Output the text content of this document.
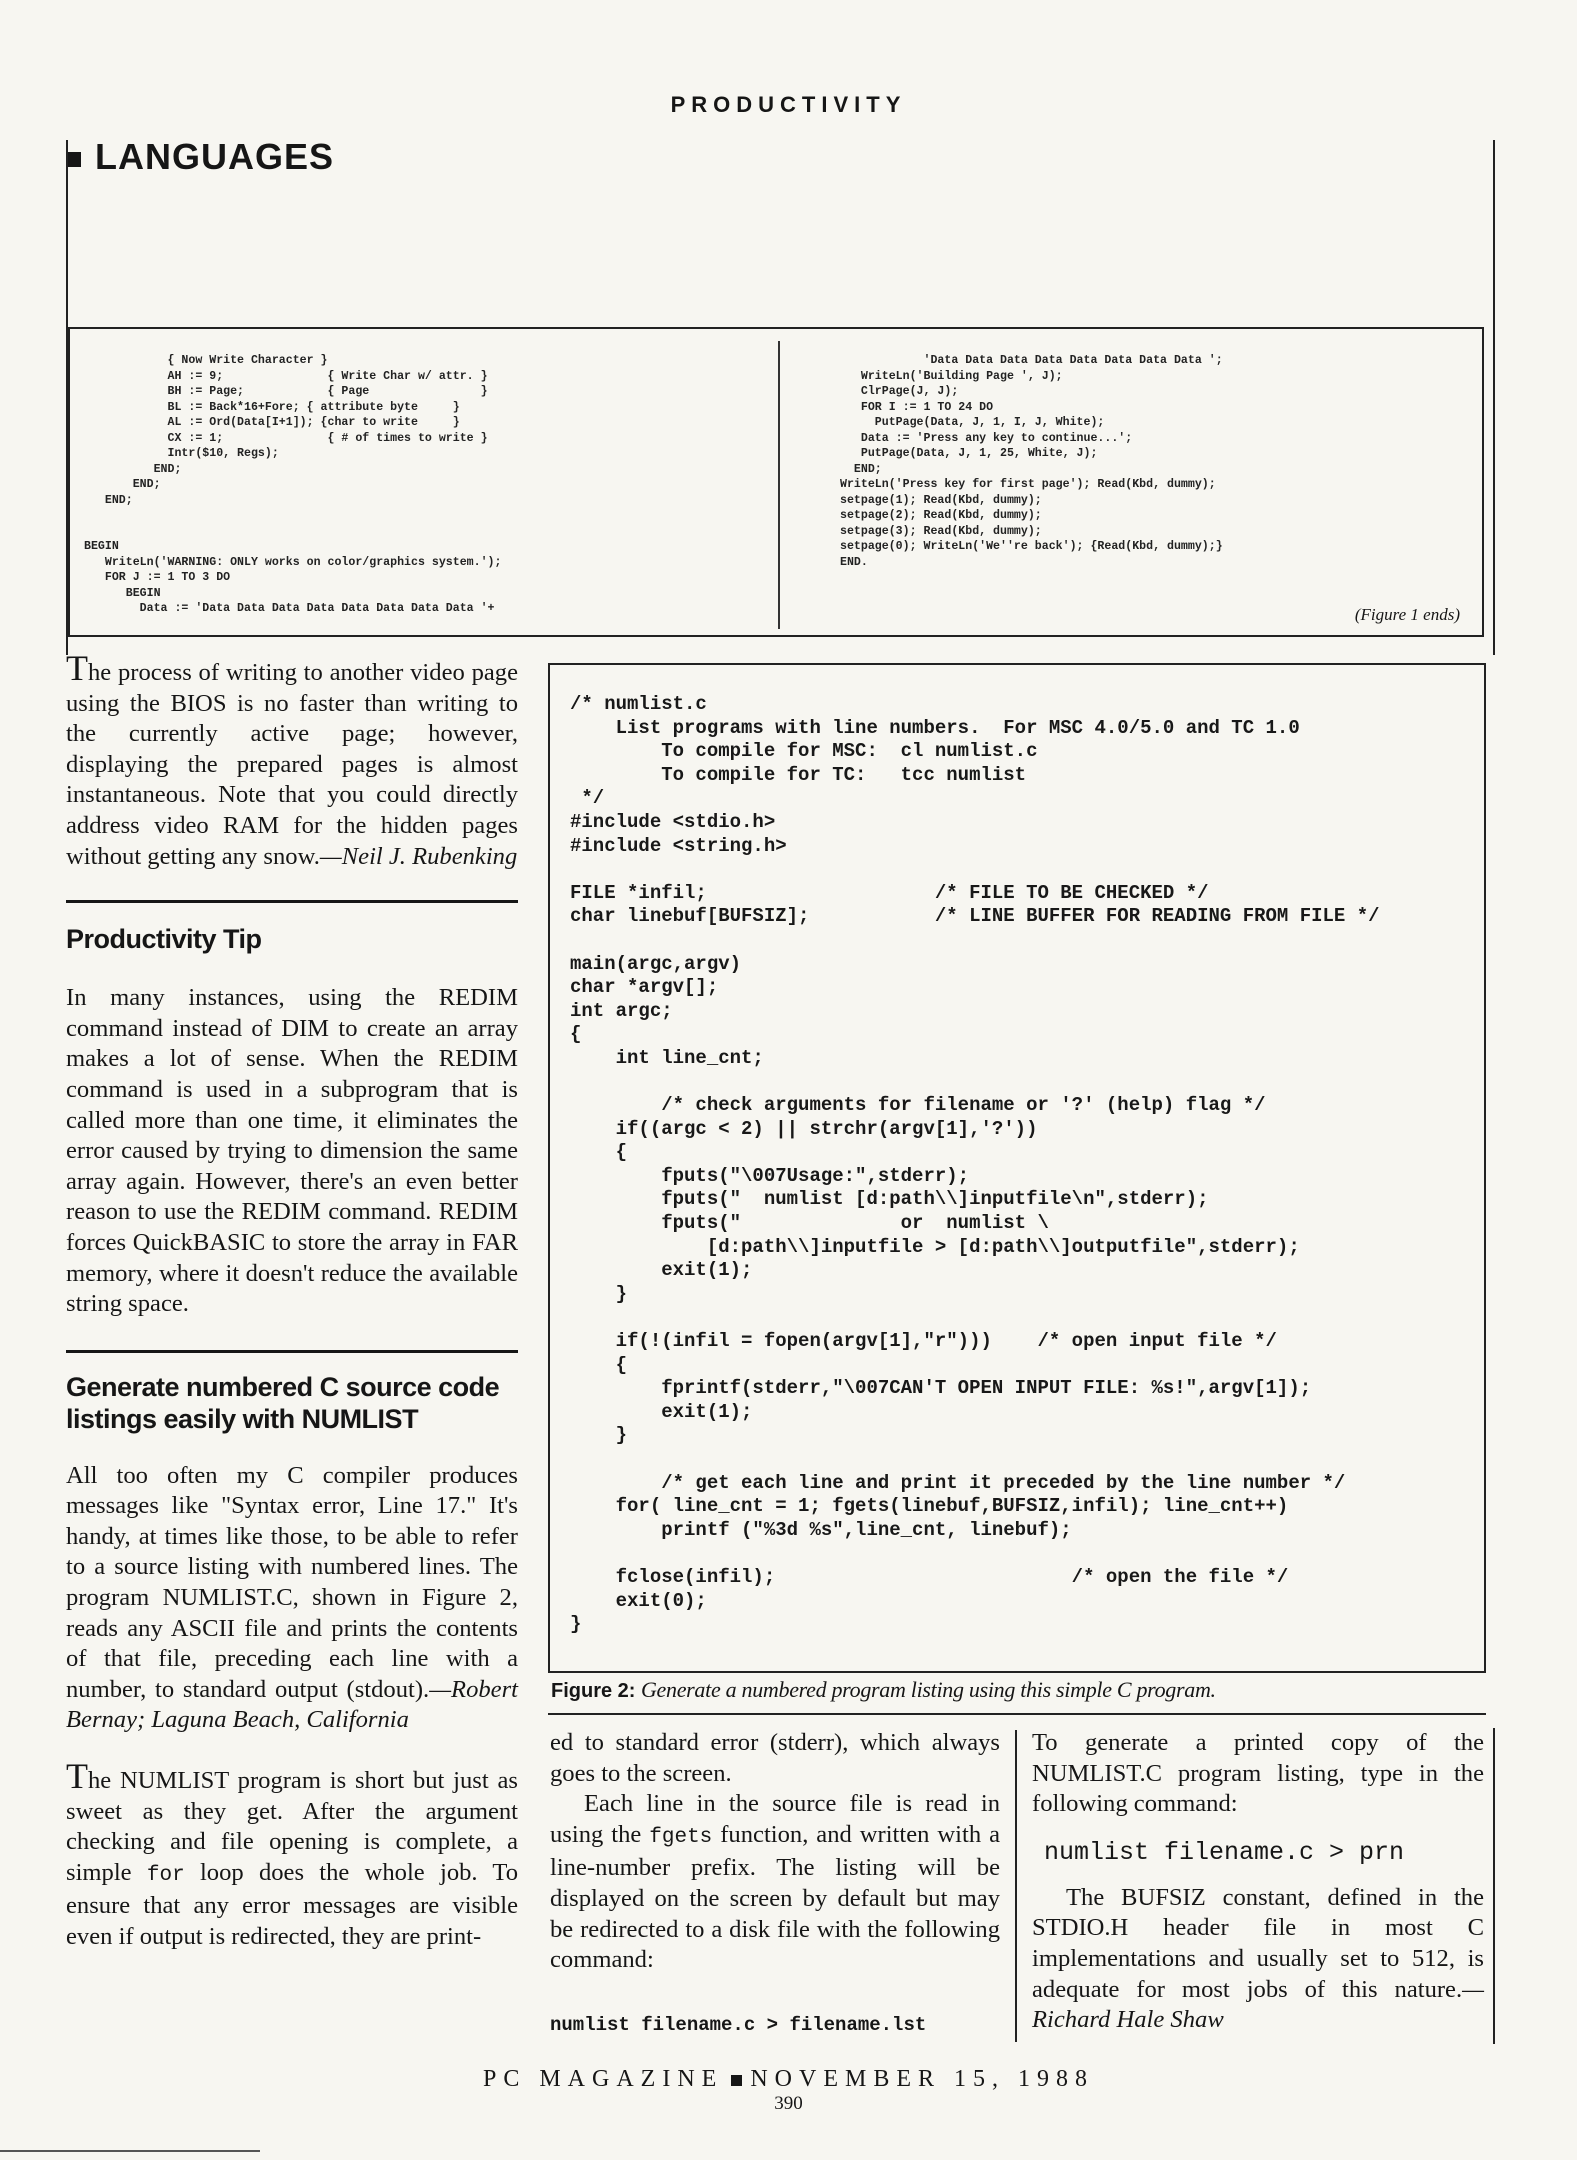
PRODUCTIVITY
LANGUAGES
{ Now Write Character }
AH := 9;               { Write Char w/ attr. }
BH := Page;            { Page                }
BL := Back*16+Fore; { attribute byte     }
AL := Ord(Data[I+1]); {char to write     }
CX := 1;               { # of times to write }
Intr($10, Regs);
END;
END;
END;

BEGIN
WriteLn('WARNING: ONLY works on color/graphics system.');
FOR J := 1 TO 3 DO
BEGIN
Data := 'Data Data Data Data Data Data Data Data '+
'Data Data Data Data Data Data Data Data ';
WriteLn('Building Page ', J);
ClrPage(J, J);
FOR I := 1 TO 24 DO
PutPage(Data, J, 1, I, J, White);
Data := 'Press any key to continue...';
PutPage(Data, J, 1, 25, White, J);
END;
WriteLn('Press key for first page'); Read(Kbd, dummy);
setpage(1); Read(Kbd, dummy);
setpage(2); Read(Kbd, dummy);
setpage(3); Read(Kbd, dummy);
setpage(0); WriteLn('We''re back'); {Read(Kbd, dummy);}
END.
(Figure 1 ends)

The process of writing to another video page using the BIOS is no faster than writing to the currently active page; however, displaying the prepared pages is almost instantaneous. Note that you could directly address video RAM for the hidden pages without getting any snow.—Neil J. Rubenking

Productivity Tip

In many instances, using the REDIM command instead of DIM to create an array makes a lot of sense. When the REDIM command is used in a subprogram that is called more than one time, it eliminates the error caused by trying to dimension the same array again. However, there's an even better reason to use the REDIM command. REDIM forces QuickBASIC to store the array in FAR memory, where it doesn't reduce the available string space.

Generate numbered C source code listings easily with NUMLIST

All too often my C compiler produces messages like "Syntax error, Line 17." It's handy, at times like those, to be able to refer to a source listing with numbered lines. The program NUMLIST.C, shown in Figure 2, reads any ASCII file and prints the contents of that file, preceding each line with a number, to standard output (stdout).—Robert Bernay; Laguna Beach, California

The NUMLIST program is short but just as sweet as they get. After the argument checking and file opening is complete, a simple for loop does the whole job. To ensure that any error messages are visible even if output is redirected, they are print-

/* numlist.c
List programs with line numbers.  For MSC 4.0/5.0 and TC 1.0
To compile for MSC:  cl numlist.c
To compile for TC:   tcc numlist
*/
#include <stdio.h>
#include <string.h>

FILE *infil;                    /* FILE TO BE CHECKED */
char linebuf[BUFSIZ];           /* LINE BUFFER FOR READING FROM FILE */

main(argc,argv)
char *argv[];
int argc;
{
int line_cnt;

/* check arguments for filename or '?' (help) flag */
if((argc < 2) || strchr(argv[1],'?'))
{
fputs("\007Usage:",stderr);
fputs("  numlist [d:path\\]inputfile\n",stderr);
fputs("              or  numlist \
[d:path\\]inputfile > [d:path\\]outputfile",stderr);
exit(1);
}

if(!(infil = fopen(argv[1],"r")))    /* open input file */
{
fprintf(stderr,"\007CAN'T OPEN INPUT FILE: %s!",argv[1]);
exit(1);
}

/* get each line and print it preceded by the line number */
for( line_cnt = 1; fgets(linebuf,BUFSIZ,infil); line_cnt++)
printf ("%3d %s",line_cnt, linebuf);

fclose(infil);                          /* open the file */
exit(0);
}
Figure 2: Generate a numbered program listing using this simple C program.

ed to standard error (stderr), which always goes to the screen.

Each line in the source file is read in using the fgets function, and written with a line-number prefix. The listing will be displayed on the screen by default but may be redirected to a disk file with the following command:

numlist filename.c > filename.lst

To generate a printed copy of the NUMLIST.C program listing, type in the following command:

numlist filename.c > prn

The BUFSIZ constant, defined in the STDIO.H header file in most C implementations and usually set to 512, is adequate for most jobs of this nature.—Richard Hale Shaw

PC MAGAZINE NOVEMBER 15, 1988
390
